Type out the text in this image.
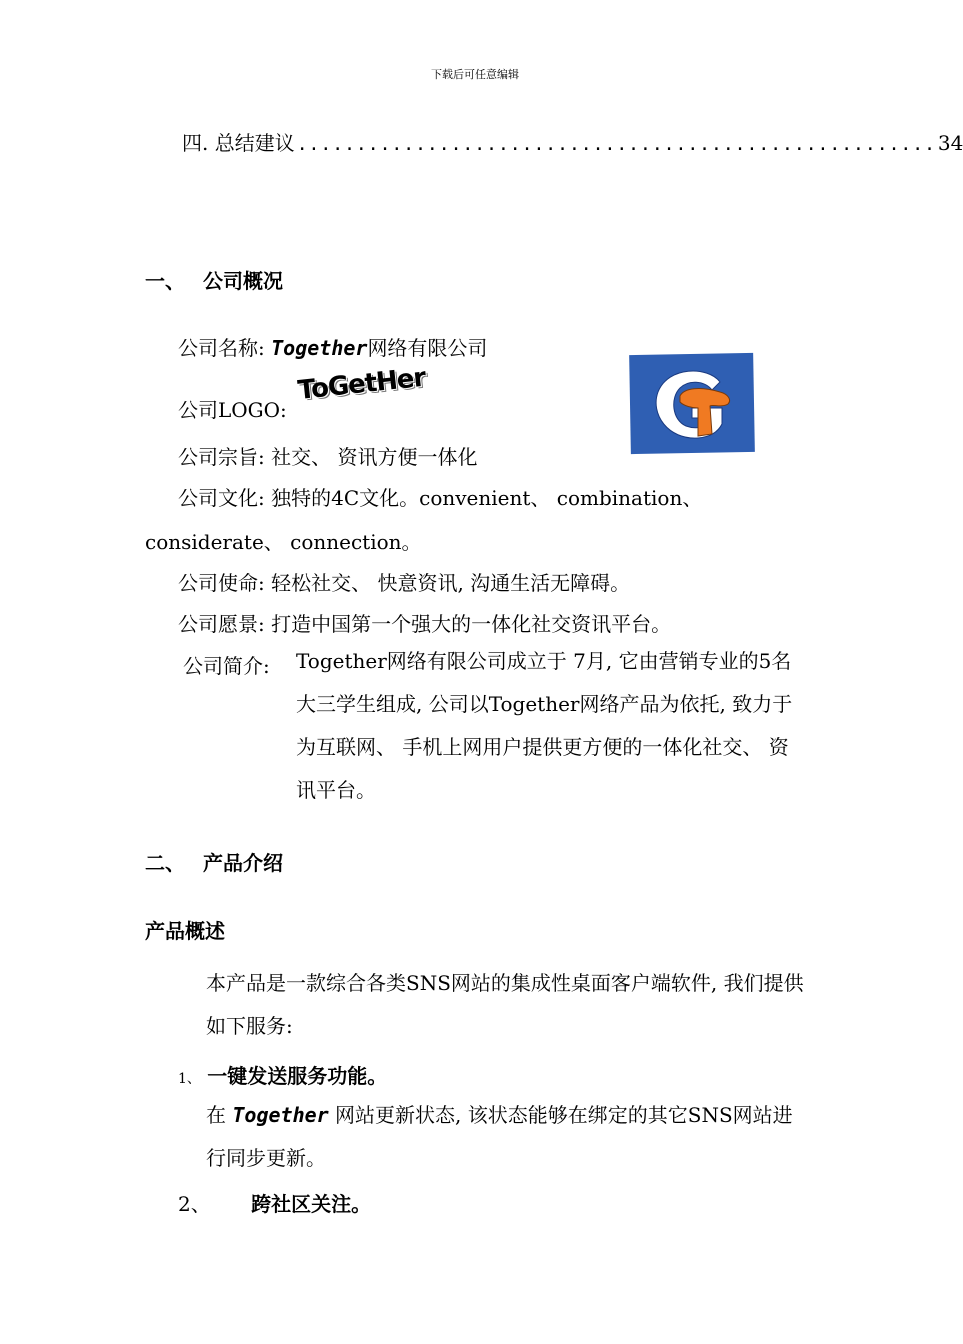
下载后可任意编辑
四. 总结建议 ...................................................... 34
一、 公司概况
公司名称: Together网络有限公司
公司LOGO:
ToGetHer
公司宗旨: 社交、 资讯方便一体化
公司文化: 独特的4C文化。convenient、 combination、
considerate、 connection。
公司使命: 轻松社交、 快意资讯, 沟通生活无障碍。
公司愿景: 打造中国第一个强大的一体化社交资讯平台。
公司简介: Together网络有限公司成立于 7月, 它由营销专业的5名大三学生组成, 公司以Together网络产品为依托, 致力于为互联网、 手机上网用户提供更方便的一体化社交、 资讯平台。
二、 产品介绍
产品概述
本产品是一款综合各类SNS网站的集成性桌面客户端软件, 我们提供如下服务:
1、 一键发送服务功能。
在 Together 网站更新状态, 该状态能够在绑定的其它SNS网站进行同步更新。
2、 跨社区关注。
